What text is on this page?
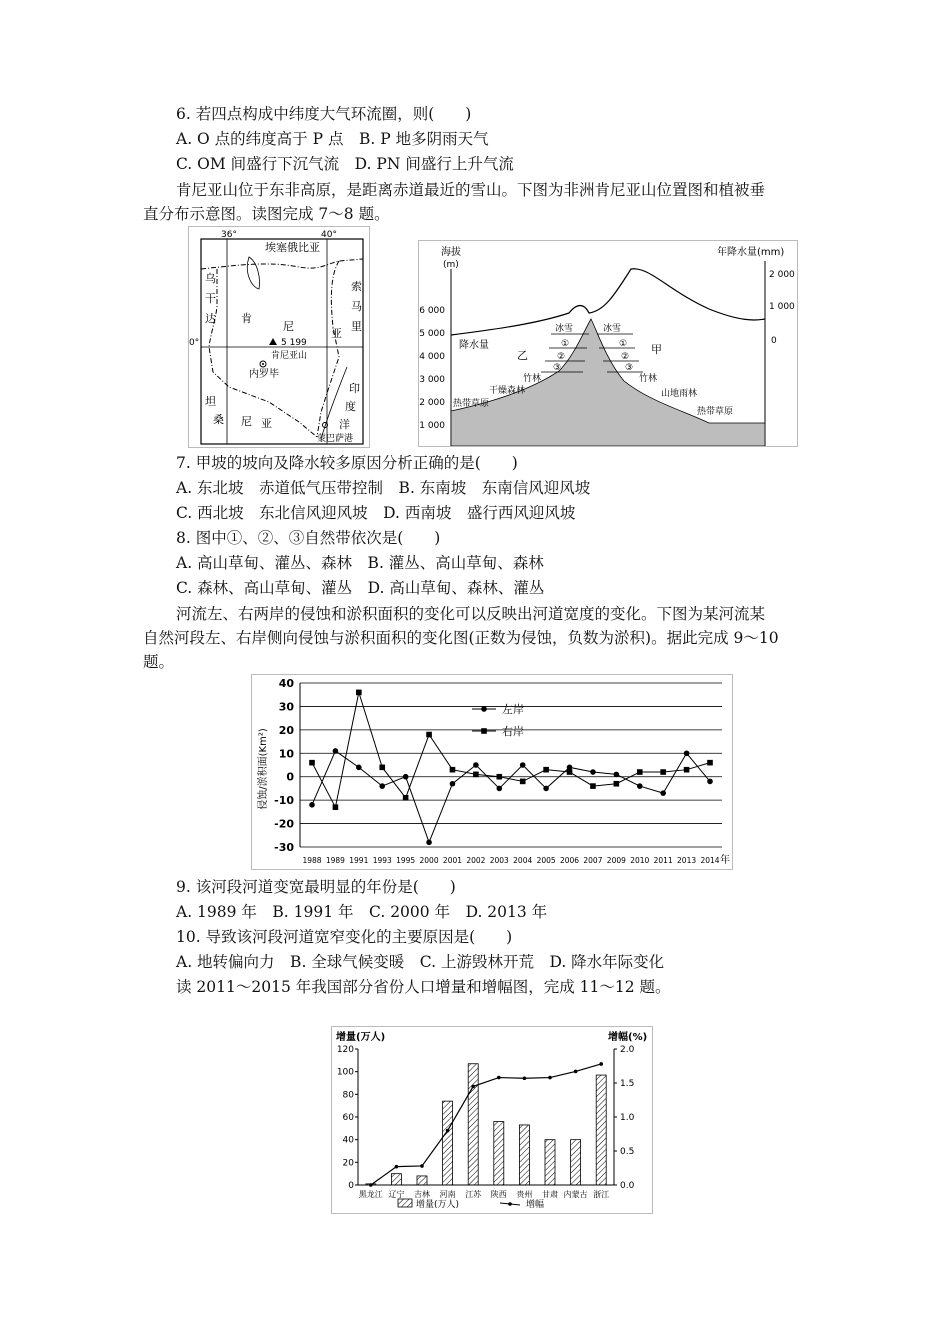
6. 若四点构成中纬度大气环流圈，则(　　)
A. O 点的纬度高于 P 点　B. P 地多阴雨天气
C. OM 间盛行下沉气流　D. PN 间盛行上升气流
肯尼亚山位于东非高原，是距离赤道最近的雪山。下图为非洲肯尼亚山位置图和植被垂
直分布示意图。读图完成 7～8 题。
36°	40°
0°
埃塞俄比亚
乌
干
达 肯
尼
亚
索
马
里
5 199
肯尼亚山
内罗毕
坦
桑 尼 亚
印
度
洋
蒙巴萨港
海拔
(m)
年降水量(mm)
6 000
5 000
4 000
3 000
2 000
1 000
2 000
1 000
0
降水量
乙	甲
冰雪	冰雪
①	①
②	②
③	③
竹林	竹林
干燥森林
热带草原
山地雨林
热带草原
7. 甲坡的坡向及降水较多原因分析正确的是(　　)
A. 东北坡　赤道低气压带控制　B. 东南坡　东南信风迎风坡
C. 西北坡　东北信风迎风坡　D. 西南坡　盛行西风迎风坡
8. 图中①、②、③自然带依次是(　　)
A. 高山草甸、灌丛、森林　B. 灌丛、高山草甸、森林
C. 森林、高山草甸、灌丛　D. 高山草甸、森林、灌丛
河流左、右两岸的侵蚀和淤积面积的变化可以反映出河道宽度的变化。下图为某河流某
自然河段左、右岸侧向侵蚀与淤积面积的变化图(正数为侵蚀，负数为淤积)。据此完成 9～10
题。
40
30
20
10
0
-10
-20
-30
侵蚀/淤积面(Km²)
1988 1989 1991 1993 1995 2000 2001 2002 2003 2004 2005 2006 2007 2009 2010 2011 2013 2014 年
左岸
右岸
9. 该河段河道变宽最明显的年份是(　　)
A. 1989 年　B. 1991 年　C. 2000 年　D. 2013 年
10. 导致该河段河道宽窄变化的主要原因是(　　)
A. 地转偏向力　B. 全球气候变暖　C. 上游毁林开荒　D. 降水年际变化
读 2011～2015 年我国部分省份人口增量和增幅图，完成 11～12 题。
增量(万人)	增幅(%)
0
20
40
60
80
100
120
0.0
0.5
1.0
1.5
2.0
黑龙江 辽宁 吉林 河南 江苏 陕西 贵州 甘肃 内蒙古 浙江
增量(万人)	增幅
